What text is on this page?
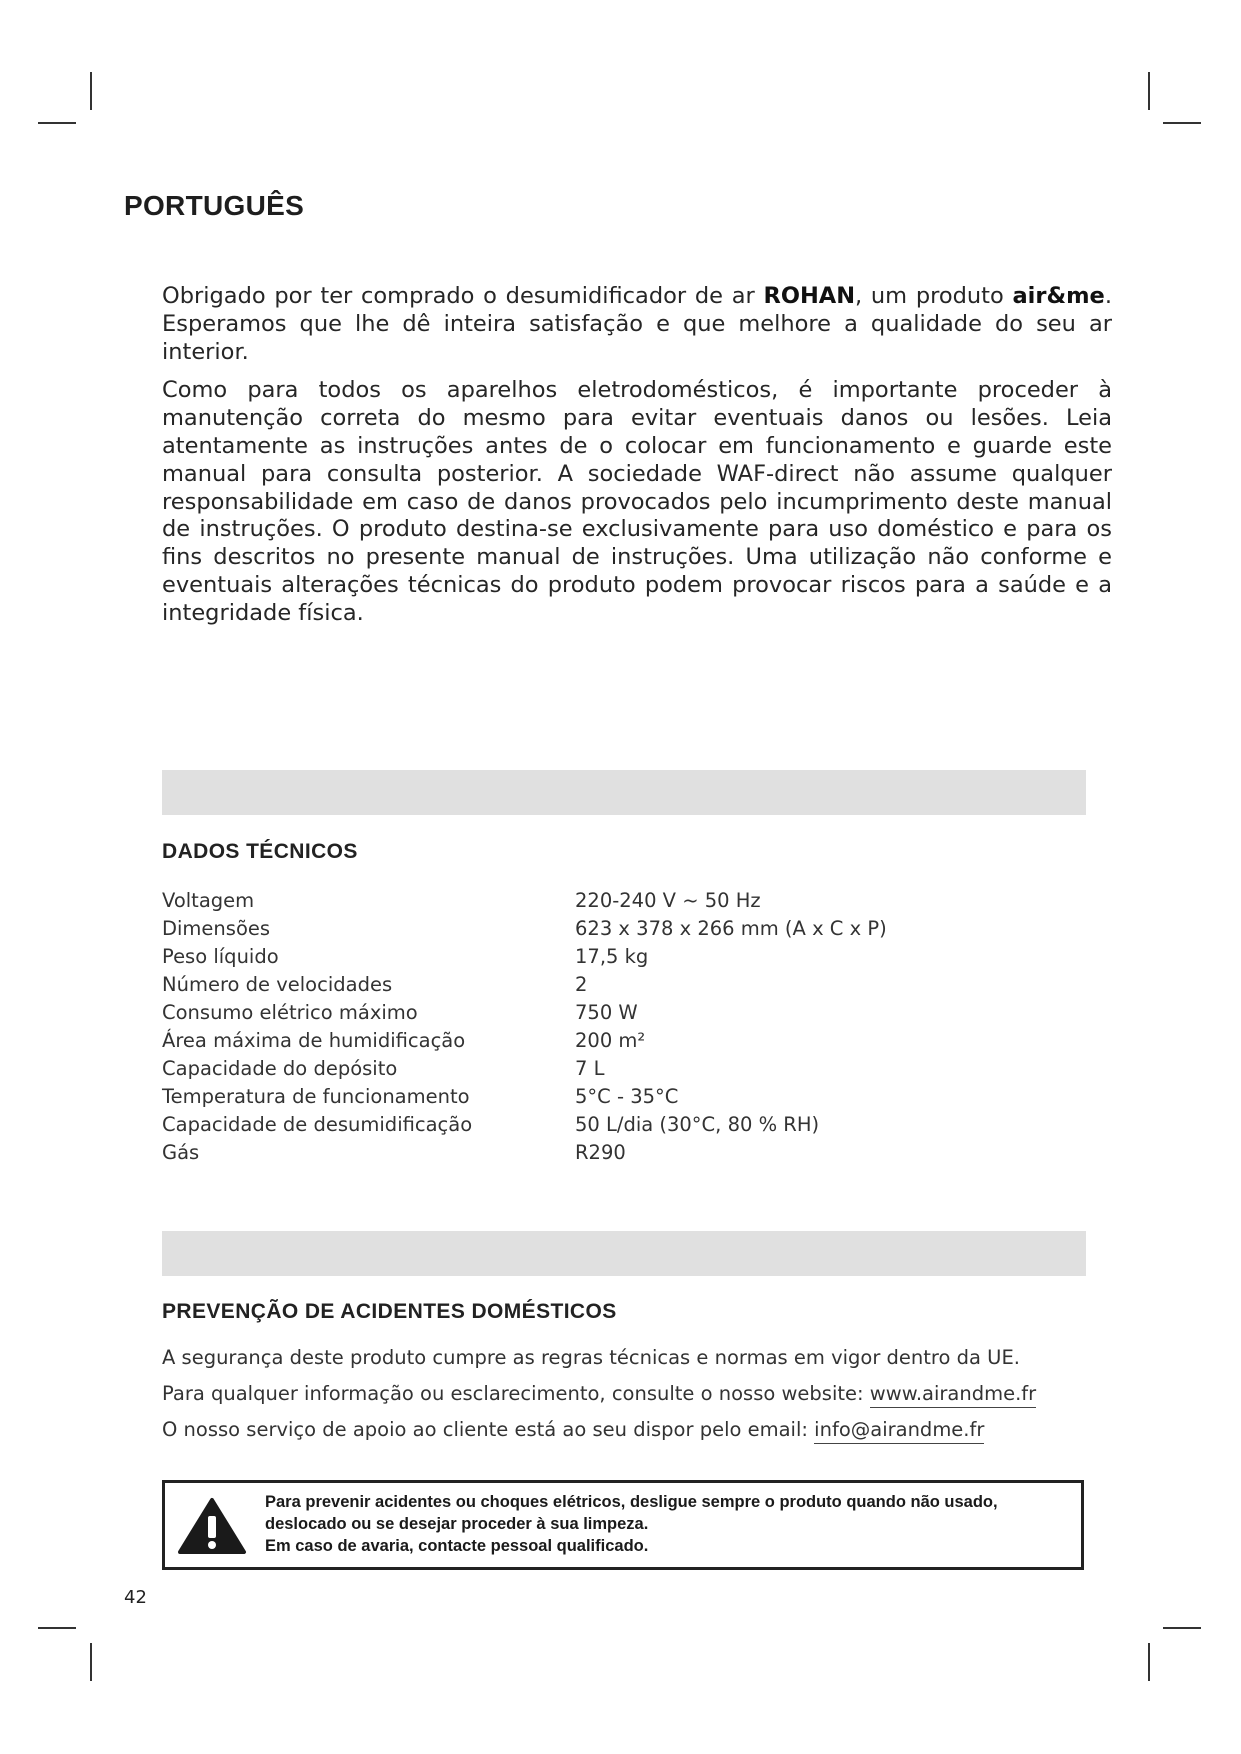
PORTUGUÊS

Obrigado por ter comprado o desumidificador de ar ROHAN, um produto air&me. Esperamos que lhe dê inteira satisfação e que melhore a qualidade do seu ar interior.

Como para todos os aparelhos eletrodomésticos, é importante proceder à manutenção correta do mesmo para evitar eventuais danos ou lesões. Leia atentamente as instruções antes de o colocar em funcionamento e guarde este manual para consulta posterior. A sociedade WAF-direct não assume qualquer responsabilidade em caso de danos provocados pelo incumprimento deste manual de instruções. O produto destina-se exclusivamente para uso doméstico e para os fins descritos no presente manual de instruções. Uma utilização não conforme e eventuais alterações técnicas do produto podem provocar riscos para a saúde e a integridade física.

DADOS TÉCNICOS
Voltagem	220-240 V ~ 50 Hz
Dimensões	623 x 378 x 266 mm (A x C x P)
Peso líquido	17,5 kg
Número de velocidades	2
Consumo elétrico máximo	750 W
Área máxima de humidificação	200 m²
Capacidade do depósito	7 L
Temperatura de funcionamento	5°C - 35°C
Capacidade de desumidificação	50 L/dia (30°C, 80 % RH)
Gás	R290
PREVENÇÃO DE ACIDENTES DOMÉSTICOS

A segurança deste produto cumpre as regras técnicas e normas em vigor dentro da UE.

Para qualquer informação ou esclarecimento, consulte o nosso website: www.airandme.fr

O nosso serviço de apoio ao cliente está ao seu dispor pelo email: info@airandme.fr

Para prevenir acidentes ou choques elétricos, desligue sempre o produto quando não usado,
deslocado ou se desejar proceder à sua limpeza.
Em caso de avaria, contacte pessoal qualificado.
42
